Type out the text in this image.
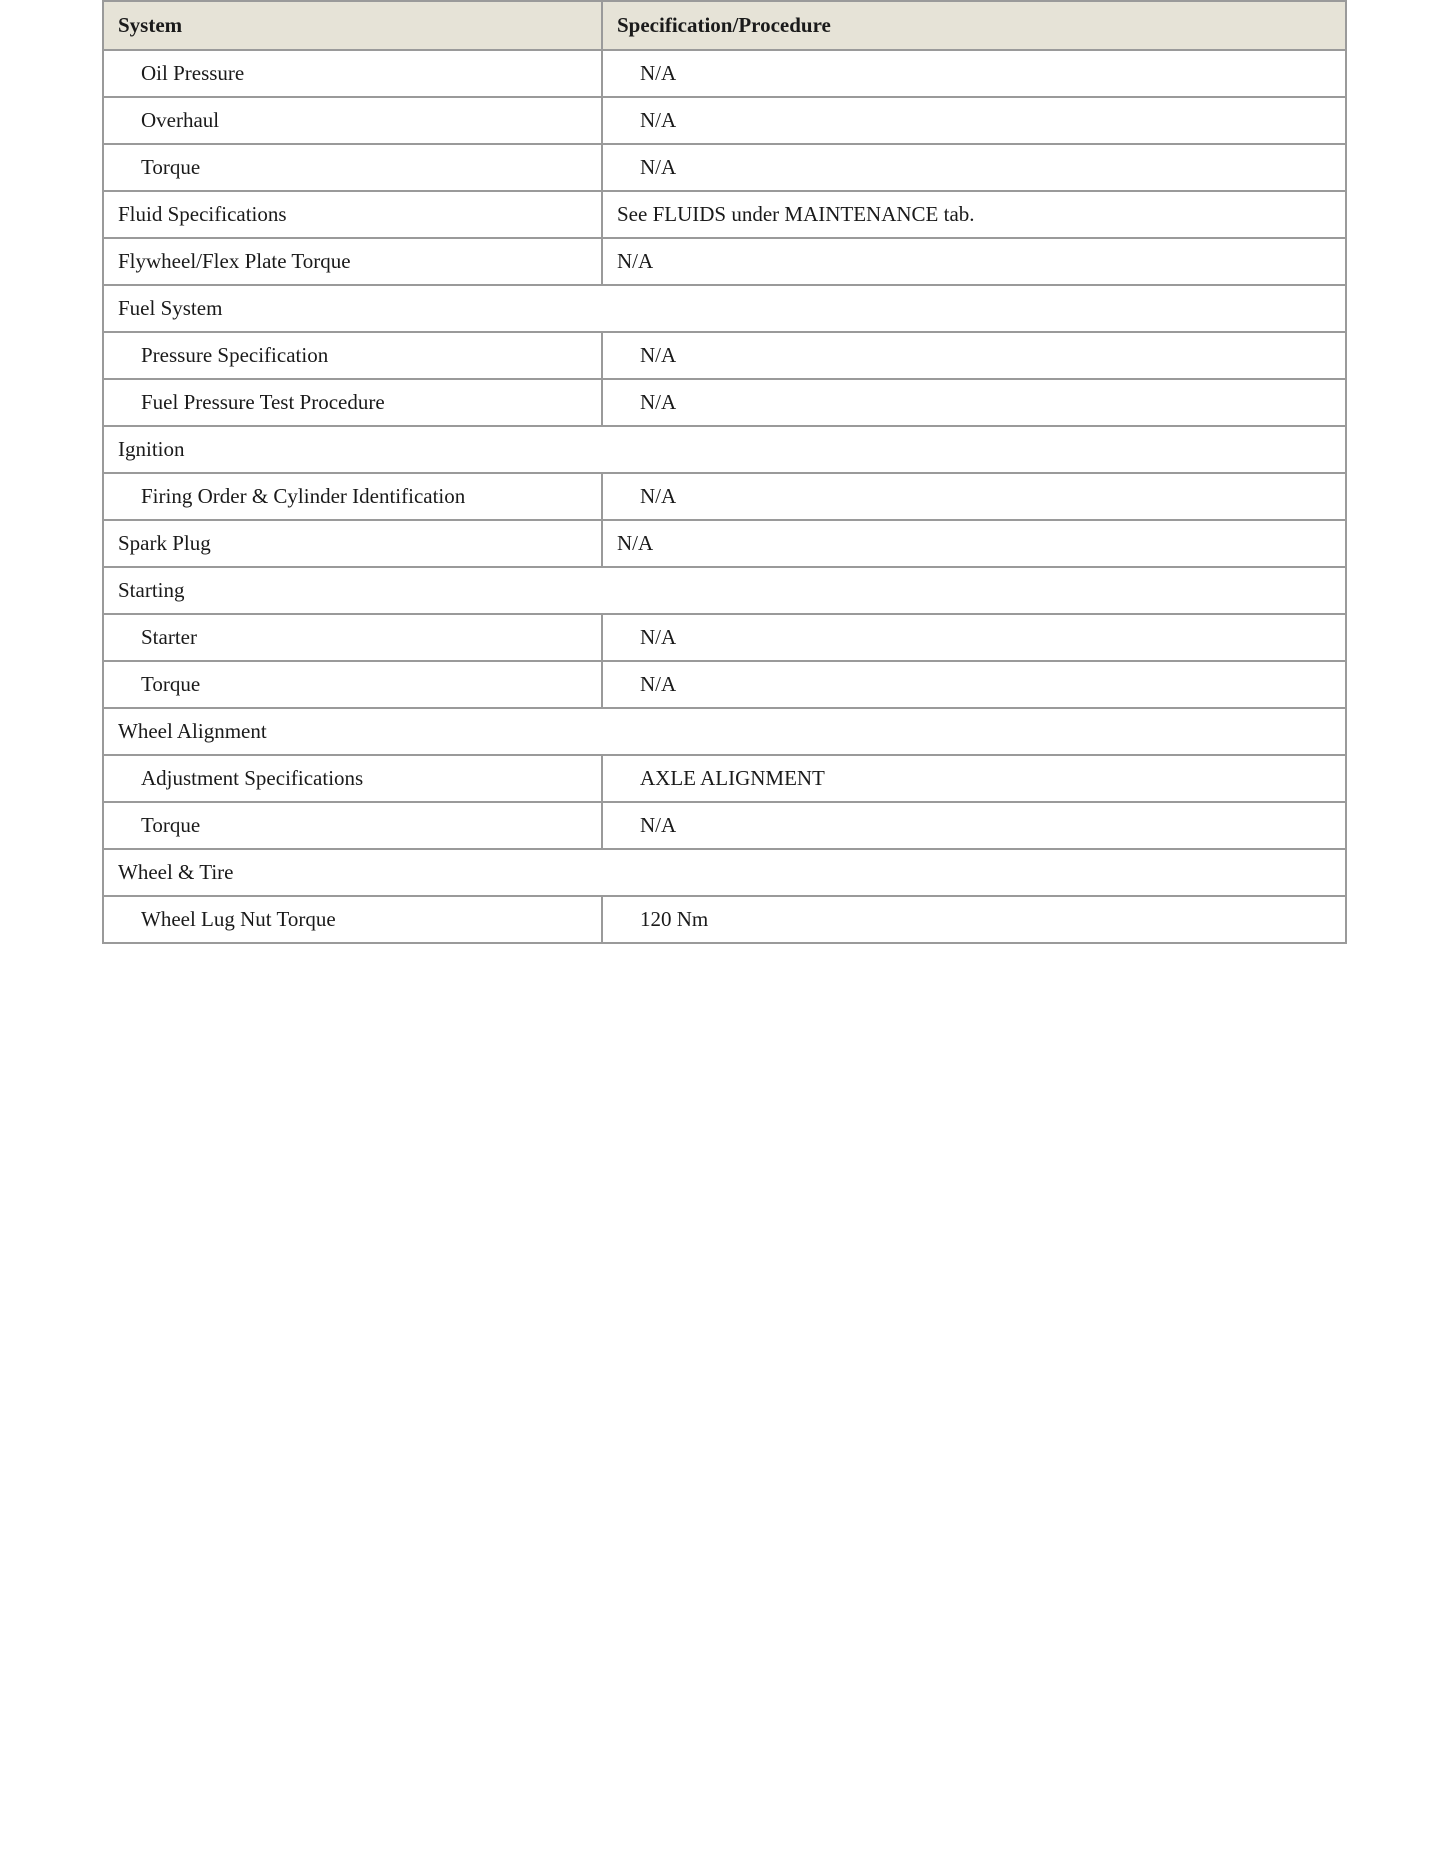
System	Specification/Procedure
Oil Pressure	N/A
Overhaul	N/A
Torque	N/A
Fluid Specifications	See FLUIDS under MAINTENANCE tab.
Flywheel/Flex Plate Torque	N/A
Fuel System	
Pressure Specification	N/A
Fuel Pressure Test Procedure	N/A
Ignition	
Firing Order & Cylinder Identification	N/A
Spark Plug	N/A
Starting	
Starter	N/A
Torque	N/A
Wheel Alignment	
Adjustment Specifications	AXLE ALIGNMENT
Torque	N/A
Wheel & Tire	
Wheel Lug Nut Torque	120 Nm
